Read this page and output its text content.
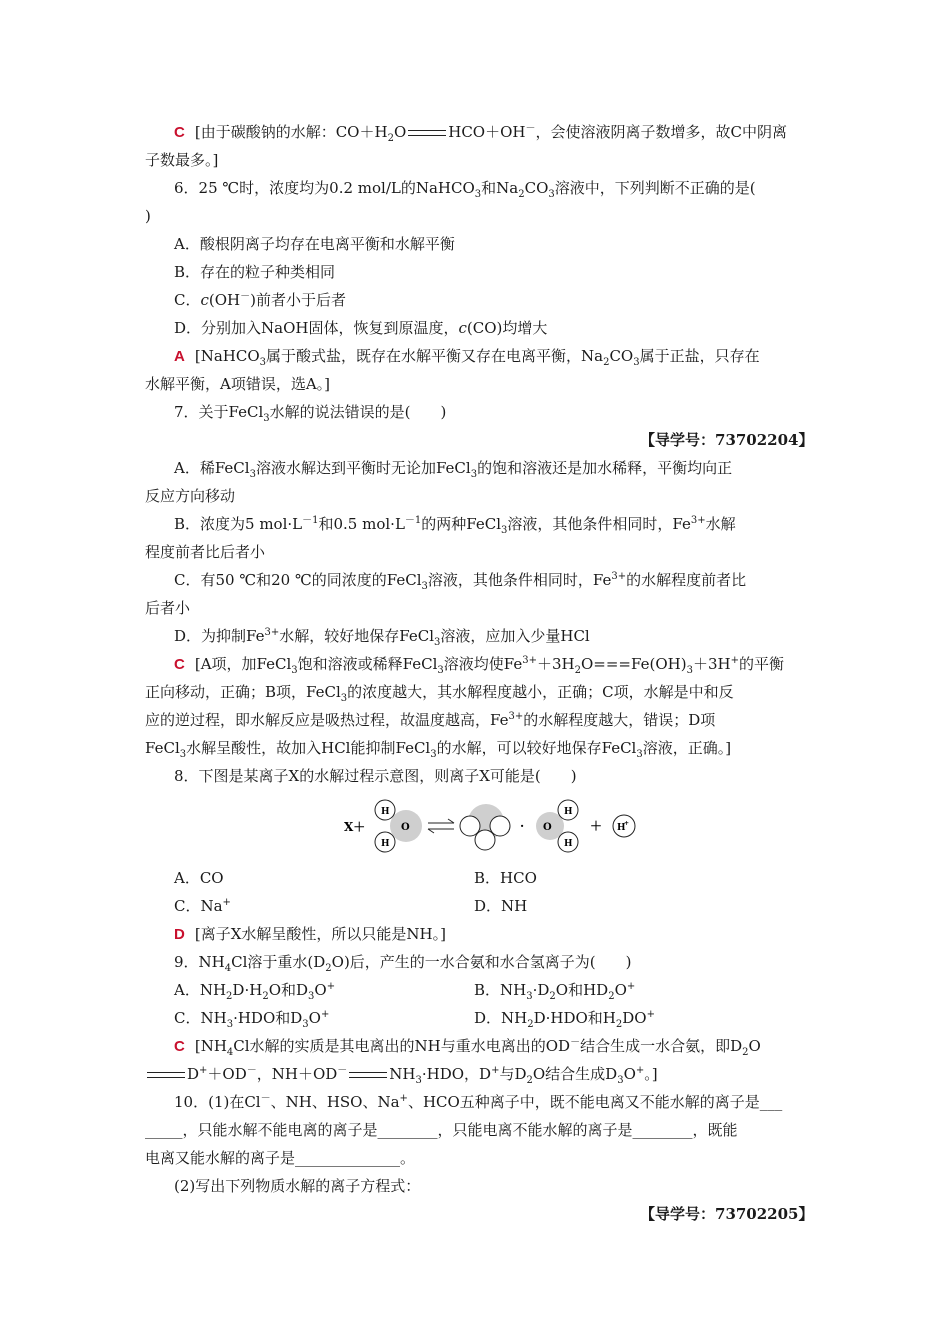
C [由于碳酸钠的水解：$CO+H_2O$	HCO＋OH－，会使溶液阴离子数增多，故C中阴离
子数最多。]
6．25 ℃时，浓度均为0.2 mol/L的NaHCO$_3$和$Na_2CO_3$溶液中，下列判断不正确的是(
)
A．酸根阴离子均存在电离平衡和水解平衡
B．存在的粒子种类相同
C．c(OH－)前者小于后者
D．分别加入NaOH固体，恢复到原温度，c(CO)均增大
A [NaHCO$_3$属于酸式盐，既存在水解平衡又存在电离平衡，$Na_2CO_3$属于正盐，只存在
水解平衡，A项错误，选A。]
7．关于FeCl$_3$水解的说法错误的是(　　)
【导学号：73702204】
A．稀FeCl$_3$溶液水解达到平衡时无论加FeCl$_3$的饱和溶液还是加水稀释，平衡均向正
反应方向移动
B．浓度为5 $mol\cdot L^{-1}$和0.5 $mol\cdot L^{-1}$的两种FeCl$_3$溶液，其他条件相同时，$Fe^{3+}$水解
程度前者比后者小
C．有50 ℃和20 ℃的同浓度的FeCl$_3$溶液，其他条件相同时，$Fe^{3+}$的水解程度前者比
后者小
D．为抑制$Fe^{3+}$水解，较好地保存FeCl$_3$溶液，应加入少量HCl
C [A项，加FeCl$_3$饱和溶液或稀释FeCl$_3$溶液均使$Fe^{3+}+3H_2O===Fe(OH)_3+3H^+$的平衡
正向移动，正确；B项，FeCl$_3$的浓度越大，其水解程度越小，正确；C项，水解是中和反
应的逆过程，即水解反应是吸热过程，故温度越高，$Fe^{3+}$的水解程度越大，错误；D项
FeCl$_3$水解呈酸性，故加入HCl能抑制FeCl$_3$的水解，可以较好地保存FeCl$_3$溶液，正确。]
8．下图是某离子X的水解过程示意图，则离子X可能是(　　)
X＋	O
H
H
· O
H
H
＋ H
+
A．CO	B．HCO
C．Na+	D．NH
D [离子X水解呈酸性，所以只能是NH。]
9．$NH_4Cl$溶于重水$(D_2O)$后，产生的一水合氨和水合氢离子为(　　)
A．$NH_2D\cdot H_2O$和$D_3O^+$	B．$NH_3\cdot D_2O$和$HD_2O^+$
C．$NH_3\cdot HDO$和$D_3O^+$	D．$NH_2D\cdot HDO$和$H_2DO^+$
C [$NH_4Cl$水解的实质是其电离出的NH与重水电离出的OD－结合生成一水合氨，即$D_2O$
D+＋OD－，NH＋OD－	$NH_3\cdot HDO$，D+与$D_2O$结合生成$D_3O^+$。]
10．(1)在Cl－、NH、HSO、Na+、HCO五种离子中，既不能电离又不能水解的离子是___
_____，只能水解不能电离的离子是________，只能电离不能水解的离子是________，既能
电离又能水解的离子是______________。
(2)写出下列物质水解的离子方程式：
【导学号：73702205】
